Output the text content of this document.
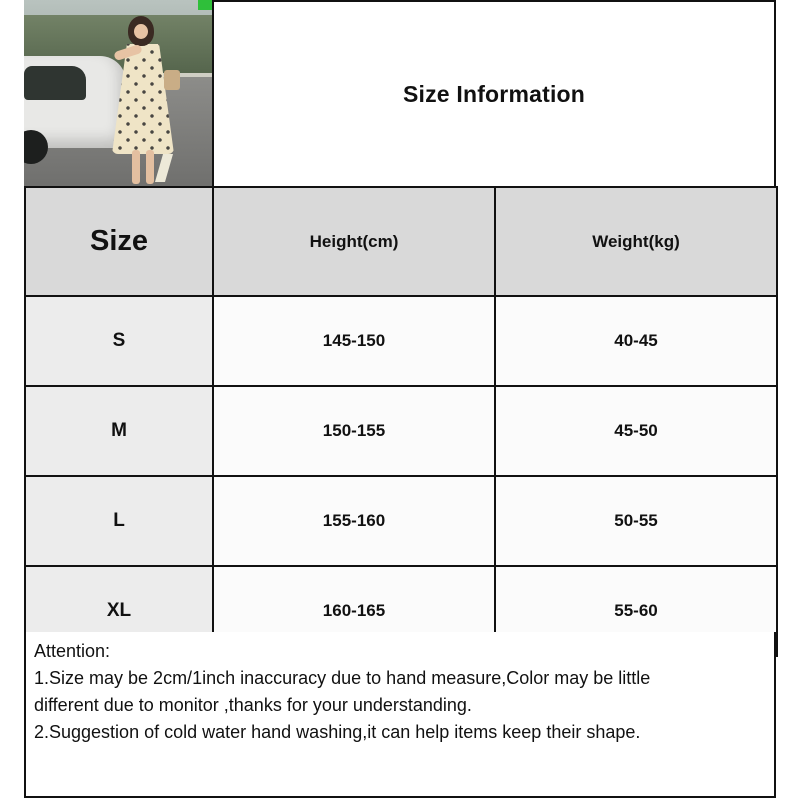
Size Information
Size	Height(cm)	Weight(kg)
S	145-150	40-45
M	150-155	45-50
L	155-160	50-55
XL	160-165	55-60

Attention:

1.Size may be 2cm/1inch inaccuracy due to hand measure,Color may be little

different due to monitor ,thanks for your understanding.

2.Suggestion of cold water hand washing,it can help items keep their shape.
